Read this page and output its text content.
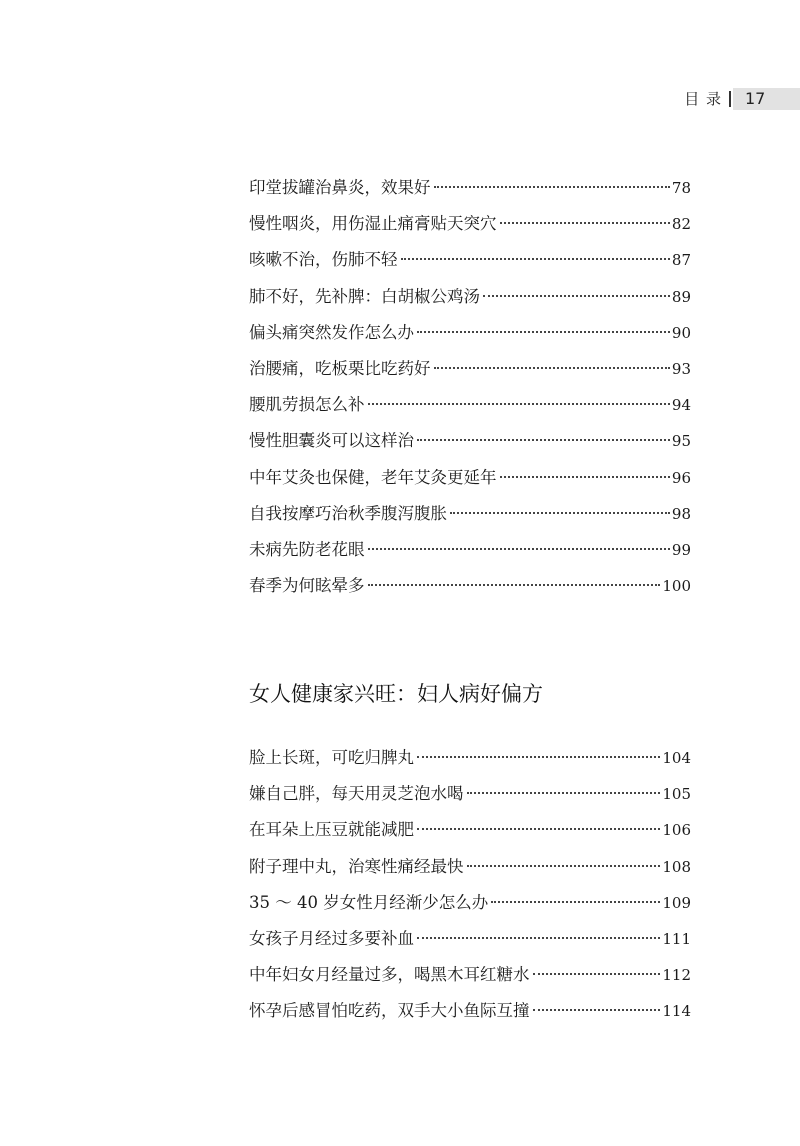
目 录 17
印堂拔罐治鼻炎，效果好	78
慢性咽炎，用伤湿止痛膏贴天突穴	82
咳嗽不治，伤肺不轻	87
肺不好，先补脾：白胡椒公鸡汤	89
偏头痛突然发作怎么办	90
治腰痛，吃板栗比吃药好	93
腰肌劳损怎么补	94
慢性胆囊炎可以这样治	95
中年艾灸也保健，老年艾灸更延年	96
自我按摩巧治秋季腹泻腹胀	98
未病先防老花眼	99
春季为何眩晕多	100
女人健康家兴旺：妇人病好偏方
脸上长斑，可吃归脾丸	104
嫌自己胖，每天用灵芝泡水喝	105
在耳朵上压豆就能减肥	106
附子理中丸，治寒性痛经最快	108
35 ～ 40 岁女性月经渐少怎么办	109
女孩子月经过多要补血	111
中年妇女月经量过多，喝黑木耳红糖水	112
怀孕后感冒怕吃药，双手大小鱼际互撞	114
